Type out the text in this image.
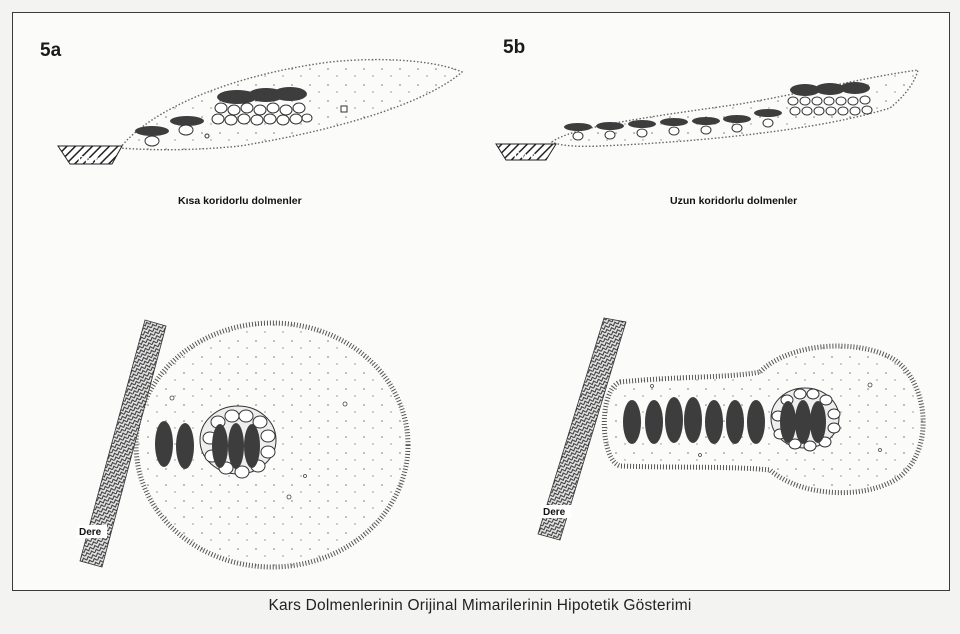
Dere	Dere
Dere
Dere
5a	5b
Kısa koridorlu dolmenler	Uzun koridorlu dolmenler
Kars Dolmenlerinin Orijinal Mimarilerinin Hipotetik Gösterimi
